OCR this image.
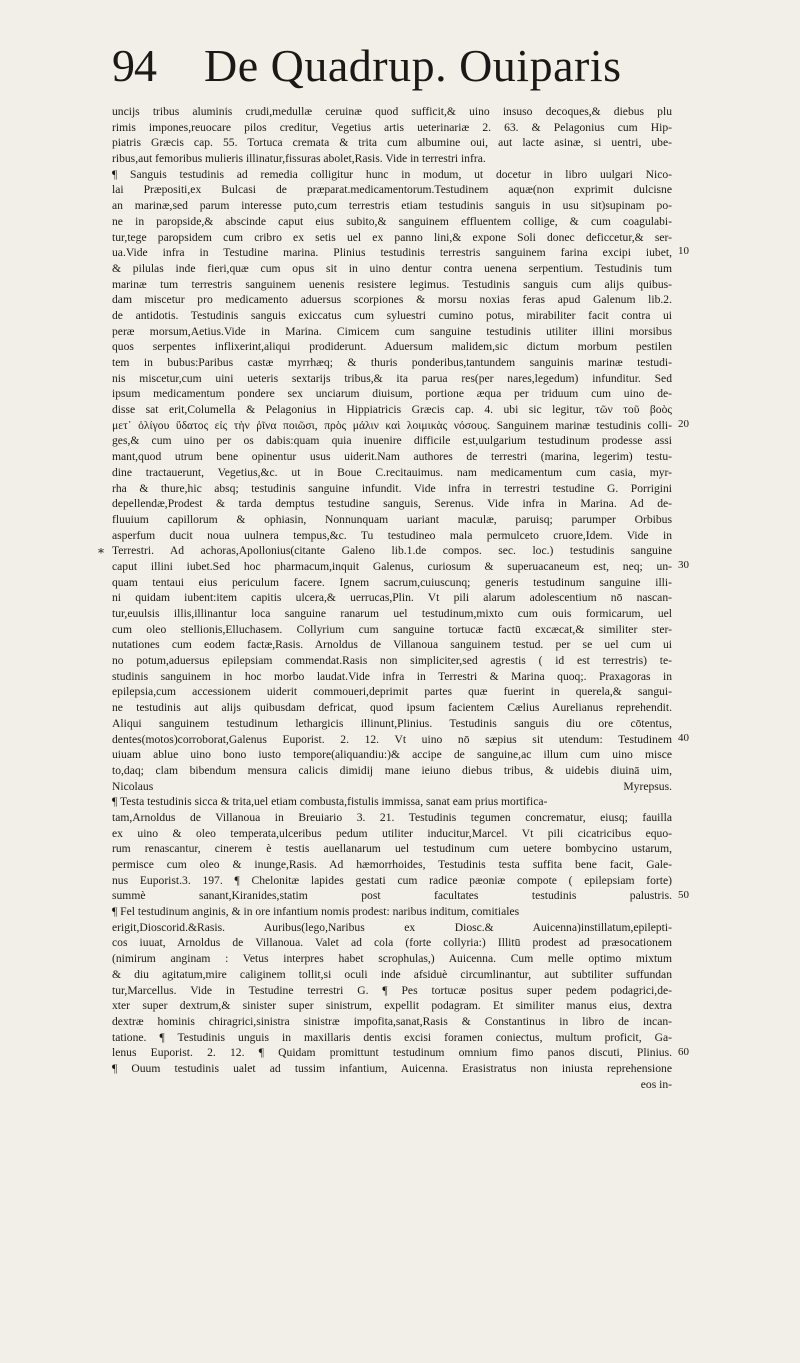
94 De Quadrup. Ouiparis
uncijs tribus aluminis crudi,medullæ ceruinæ quod sufficit,& uino insuso decoques,& diebus plu
rimis impones,reuocare pilos creditur, Vegetius artis ueterinariæ 2. 63. & Pelagonius cum Hip-
piatris Græcis cap. 55. Tortuca cremata & trita cum albumine oui, aut lacte asinæ, si uentri, ube-
ribus,aut femoribus mulieris illinatur,fissuras abolet,Rasis. Vide in terrestri infra.
¶ Sanguis testudinis ad remedia colligitur hunc in modum, ut docetur in libro uulgari Nico-
lai Præpositi,ex Bulcasi de præparat.medicamentorum.Testudinem aquæ(non exprimit dulcisne
an marinæ,sed parum interesse puto,cum terrestris etiam testudinis sanguis in usu sit)supinam po-
ne in paropside,& abscinde caput eius subito,& sanguinem effluentem collige, & cum coagulabi-
tur,tege paropsidem cum cribro ex setis uel ex panno lini,& expone Soli donec deficcetur,& ser-
ua.Vide infra in Testudine marina. Plinius testudinis terrestris sanguinem farina excipi iubet,
& pilulas inde fieri,quæ cum opus sit in uino dentur contra uenena serpentium. Testudinis tum
marinæ tum terrestris sanguinem uenenis resistere legimus. Testudinis sanguis cum alijs quibus-
dam miscetur pro medicamento aduersus scorpiones & morsu noxias feras apud Galenum lib.2.
de antidotis. Testudinis sanguis exiccatus cum syluestri cumino potus, mirabiliter facit contra ui
peræ morsum,Aetius.Vide in Marina. Cimicem cum sanguine testudinis utiliter illini morsibus
quos serpentes inflixerint,aliqui prodiderunt. Aduersum malidem,sic dictum morbum pestilen
tem in bubus:Paribus castæ myrrhæq; & thuris ponderibus,tantundem sanguinis marinæ testudi-
nis miscetur,cum uini ueteris sextarijs tribus,& ita parua res(per nares,legedum) infunditur. Sed
ipsum medicamentum pondere sex unciarum diuisum, portione æqua per triduum cum uino de-
disse sat erit,Columella & Pelagonius in Hippiatricis Græcis cap. 4. ubi sic legitur, τῶν τοῦ βοὸς
μετ᾽ ὀλίγου ὕδατος εἰς τὴν ῥῖνα ποιῶσι, πρὸς μάλιν καὶ λοιμικὰς νόσους. Sanguinem marinæ testudinis colli-
ges,& cum uino per os dabis:quam quia inuenire difficile est,uulgarium testudinum prodesse assi
mant,quod utrum bene opinentur usus uiderit.Nam authores de terrestri (marina, legerim) testu-
dine tractauerunt, Vegetius,&c. ut in Boue C.recitauimus. nam medicamentum cum casia, myr-
rha & thure,hic absq; testudinis sanguine infundit. Vide infra in terrestri testudine G. Porrigini
depellendæ,Prodest & tarda demptus testudine sanguis, Serenus. Vide infra in Marina. Ad de-
fluuium capillorum & ophiasin, Nonnunquam uariant maculæ, paruisq; parumper Orbibus
asperfum ducit noua uulnera tempus,&c. Tu testudineo mala permulceto cruore,Idem. Vide in
Terrestri. Ad achoras,Apollonius(citante Galeno lib.1.de compos. sec. loc.) testudinis sanguine
caput illini iubet.Sed hoc pharmacum,inquit Galenus, curiosum & superuacaneum est, neq; un-
quam tentaui eius periculum facere. Ignem sacrum,cuiuscunq; generis testudinum sanguine illi-
ni quidam iubent:item capitis ulcera,& uerrucas,Plin. Vt pili alarum adolescentium nō nascan-
tur,euulsis illis,illinantur loca sanguine ranarum uel testudinum,mixto cum ouis formicarum, uel
cum oleo stellionis,Elluchasem. Collyrium cum sanguine tortucæ factū excæcat,& similiter ster-
nutationes cum eodem factæ,Rasis. Arnoldus de Villanoua sanguinem testud. per se uel cum ui
no potum,aduersus epilepsiam commendat.Rasis non simpliciter,sed agrestis ( id est terrestris) te-
studinis sanguinem in hoc morbo laudat.Vide infra in Terrestri & Marina quoq;. Praxagoras in
epilepsia,cum accessionem uiderit commoueri,deprimit partes quæ fuerint in querela,& sangui-
ne testudinis aut alijs quibusdam defricat, quod ipsum facientem Cælius Aurelianus reprehendit.
Aliqui sanguinem testudinum lethargicis illinunt,Plinius. Testudinis sanguis diu ore cōtentus,
dentes(motos)corroborat,Galenus Euporist. 2. 12. Vt uino nō sæpius sit utendum: Testudinem
uiuam ablue uino bono iusto tempore(aliquandiu:)& accipe de sanguine,ac illum cum uino misce
to,daq; clam bibendum mensura calicis dimidij mane ieiuno diebus tribus, & uidebis diuinā uim,
Nicolaus Myrepsus.
¶ Testa testudinis sicca & trita,uel etiam combusta,fistulis immissa, sanat eam prius mortifica-
tam,Arnoldus de Villanoua in Breuiario 3. 21. Testudinis tegumen concrematur, eiusq; fauilla
ex uino & oleo temperata,ulceribus pedum utiliter inducitur,Marcel. Vt pili cicatricibus equo-
rum renascantur, cinerem è testis auellanarum uel testudinum cum uetere bombycino ustarum,
permisce cum oleo & inunge,Rasis. Ad hæmorrhoides, Testudinis testa suffita bene facit, Gale-
nus Euporist.3. 197. ¶ Chelonitæ lapides gestati cum radice pæoniæ compote ( epilepsiam forte)
summè sanant,Kiranides,statim post facultates testudinis palustris.
¶ Fel testudinum anginis, & in ore infantium nomis prodest: naribus inditum, comitiales
erigit,Dioscorid.&Rasis. Auribus(lego,Naribus ex Diosc.& Auicenna)instillatum,epilepti-
cos iuuat, Arnoldus de Villanoua. Valet ad cola (forte collyria:) Illitū prodest ad præsocationem
(nimirum anginam : Vetus interpres habet scrophulas,) Auicenna. Cum melle optimo mixtum
& diu agitatum,mire caliginem tollit,si oculi inde afsiduè circumlinantur, aut subtiliter suffundan
tur,Marcellus. Vide in Testudine terrestri G. ¶ Pes tortucæ positus super pedem podagrici,de-
xter super dextrum,& sinister super sinistrum, expellit podagram. Et similiter manus eius, dextra
dextræ hominis chiragrici,sinistra sinistræ impofita,sanat,Rasis & Constantinus in libro de incan-
tatione. ¶ Testudinis unguis in maxillaris dentis excisi foramen coniectus, multum proficit, Ga-
lenus Euporist. 2. 12. ¶ Quidam promittunt testudinum omnium fimo panos discuti, Plinius.
¶ Ouum testudinis ualet ad tussim infantium, Auicenna. Erasistratus non iniusta reprehensione
eos in-
10
20
30
40
50
60
*
